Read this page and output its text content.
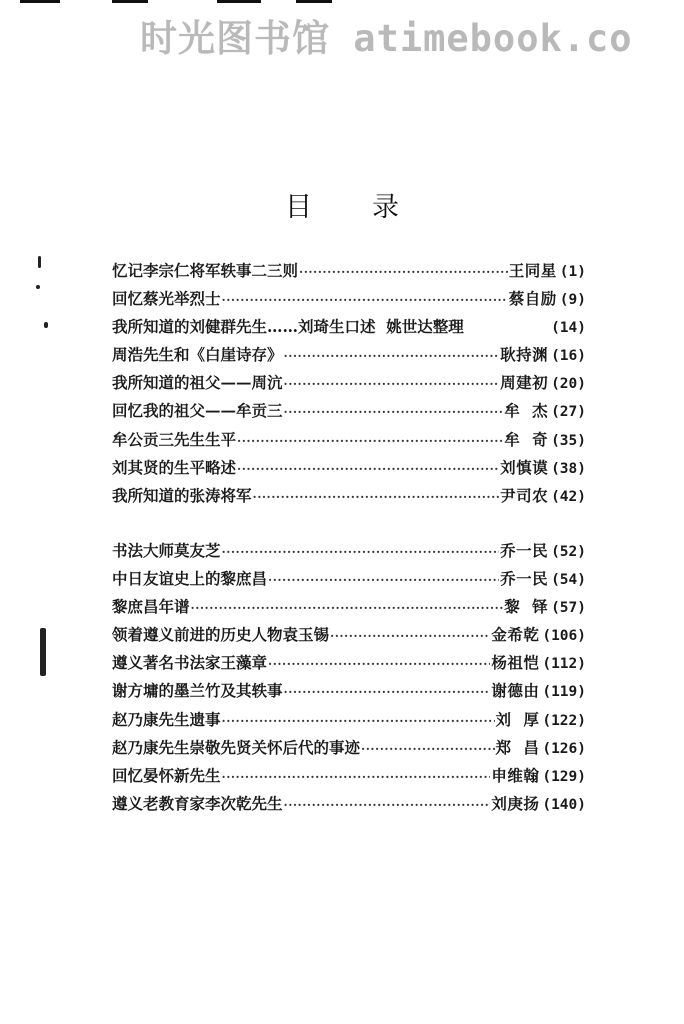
时光图书馆 atimebook.co
目录
忆记李宗仁将军轶事二三则 ·····	王同星 (1)
回忆蔡光举烈士 ·····	蔡自励 (9)
我所知道的刘健群先生……刘琦生口述  姚世达整理	(14)
周浩先生和《白崖诗存》 ·····	耿持渊 (16)
我所知道的祖父——周沆 ·····	周建初 (20)
回忆我的祖父——牟贡三 ·····	牟  杰 (27)
牟公贡三先生生平 ·····	牟  奇 (35)
刘其贤的生平略述 ·····	刘慎谟 (38)
我所知道的张涛将军 ·····	尹司农 (42)
书法大师莫友芝 ·····	乔一民 (52)
中日友谊史上的黎庶昌 ·····	乔一民 (54)
黎庶昌年谱 ·····	黎  铎 (57)
领着遵义前进的历史人物袁玉锡 ·····	金希乾 (106)
遵义著名书法家王藻章 ·····	杨祖恺 (112)
谢方墉的墨兰竹及其轶事 ·····	谢德由 (119)
赵乃康先生遗事 ·····	刘  厚 (122)
赵乃康先生崇敬先贤关怀后代的事迹 ·····	郑  昌 (126)
回忆晏怀新先生 ·····	申维翰 (129)
遵义老教育家李次乾先生 ·····	刘庚扬 (140)
